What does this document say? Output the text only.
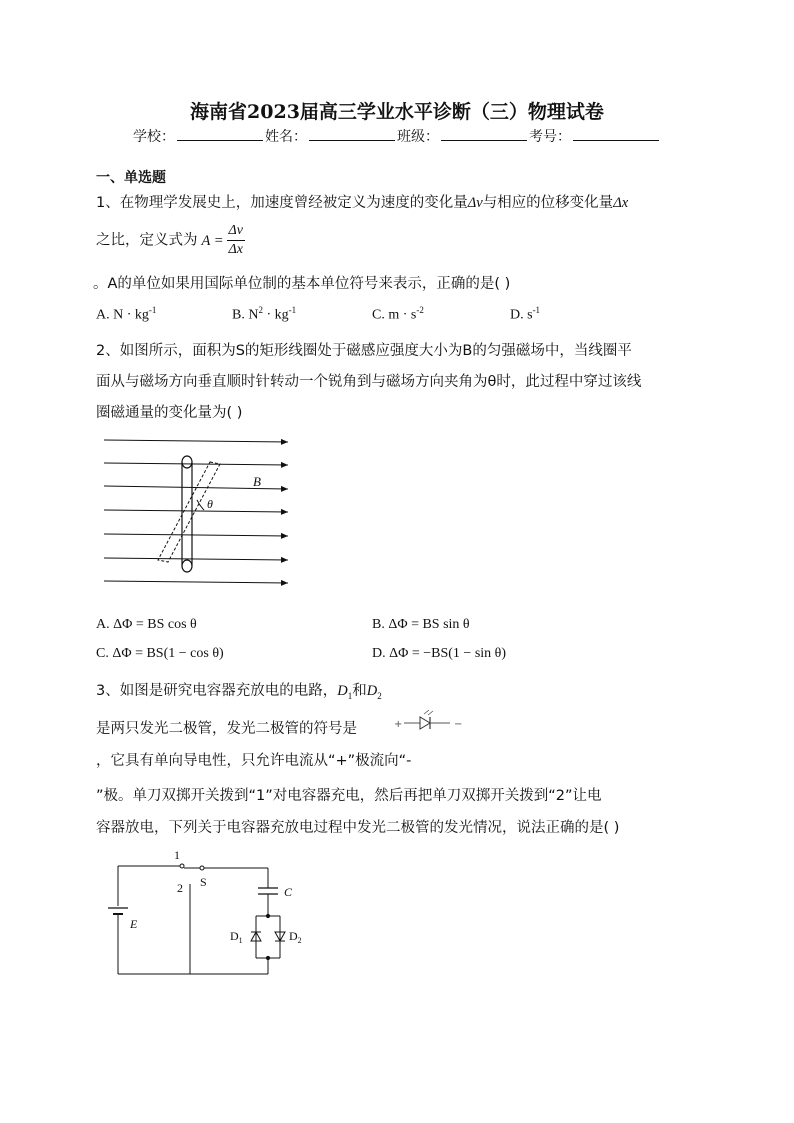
海南省2023届高三学业水平诊断（三）物理试卷
学校：	姓名：	班级：	考号：
一、单选题
1、在物理学发展史上，加速度曾经被定义为速度的变化量Δv与相应的位移变化量Δx
之比，定义式为 $A = \frac{\Delta v}{\Delta x}$
。A的单位如果用国际单位制的基本单位符号来表示，正确的是( )
A. $N \cdot kg^{-1}$	B. $N^2 \cdot kg^{-1}$	C. $m \cdot s^{-2}$	D. $s^{-1}$
2、如图所示，面积为S的矩形线圈处于磁感应强度大小为B的匀强磁场中，当线圈平
面从与磁场方向垂直顺时针转动一个锐角到与磁场方向夹角为θ时，此过程中穿过该线
圈磁通量的变化量为( )
B
θ
A. ΔΦ = BS cos θ	B. ΔΦ = BS sin θ
C. ΔΦ = BS(1 − cos θ)	D. ΔΦ = −BS(1 − sin θ)
3、如图是研究电容器充放电的电路，$D_1$和$D_2$
是两只发光二极管，发光二极管的符号是	+	−
，它具有单向导电性，只允许电流从“+”极流向“-
”极。单刀双掷开关拨到“1”对电容器充电，然后再把单刀双掷开关拨到“2”让电
容器放电，下列关于电容器充放电过程中发光二极管的发光情况，说法正确的是( )
1
2 S
C
E
$D_1$	$D_2$
